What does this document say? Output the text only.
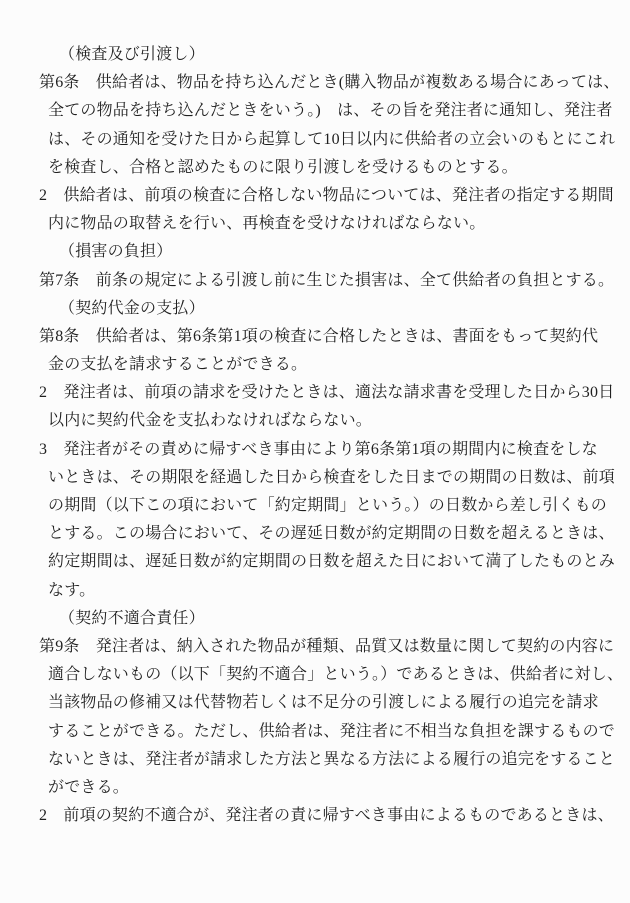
（検査及び引渡し）
第6条　供給者は、物品を持ち込んだとき(購入物品が複数ある場合にあっては、
全ての物品を持ち込んだときをいう。)　は、その旨を発注者に通知し、発注者
は、その通知を受けた日から起算して10日以内に供給者の立会いのもとにこれ
を検査し、合格と認めたものに限り引渡しを受けるものとする。
2　供給者は、前項の検査に合格しない物品については、発注者の指定する期間
内に物品の取替えを行い、再検査を受けなければならない。
（損害の負担）
第7条　前条の規定による引渡し前に生じた損害は、全て供給者の負担とする。
（契約代金の支払）
第8条　供給者は、第6条第1項の検査に合格したときは、書面をもって契約代
金の支払を請求することができる。
2　発注者は、前項の請求を受けたときは、適法な請求書を受理した日から30日
以内に契約代金を支払わなければならない。
3　発注者がその責めに帰すべき事由により第6条第1項の期間内に検査をしな
いときは、その期限を経過した日から検査をした日までの期間の日数は、前項
の期間（以下この項において「約定期間」という。）の日数から差し引くもの
とする。この場合において、その遅延日数が約定期間の日数を超えるときは、
約定期間は、遅延日数が約定期間の日数を超えた日において満了したものとみ
なす。
（契約不適合責任）
第9条　発注者は、納入された物品が種類、品質又は数量に関して契約の内容に
適合しないもの（以下「契約不適合」という。）であるときは、供給者に対し、
当該物品の修補又は代替物若しくは不足分の引渡しによる履行の追完を請求
することができる。ただし、供給者は、発注者に不相当な負担を課するもので
ないときは、発注者が請求した方法と異なる方法による履行の追完をすること
ができる。
2　前項の契約不適合が、発注者の責に帰すべき事由によるものであるときは、
